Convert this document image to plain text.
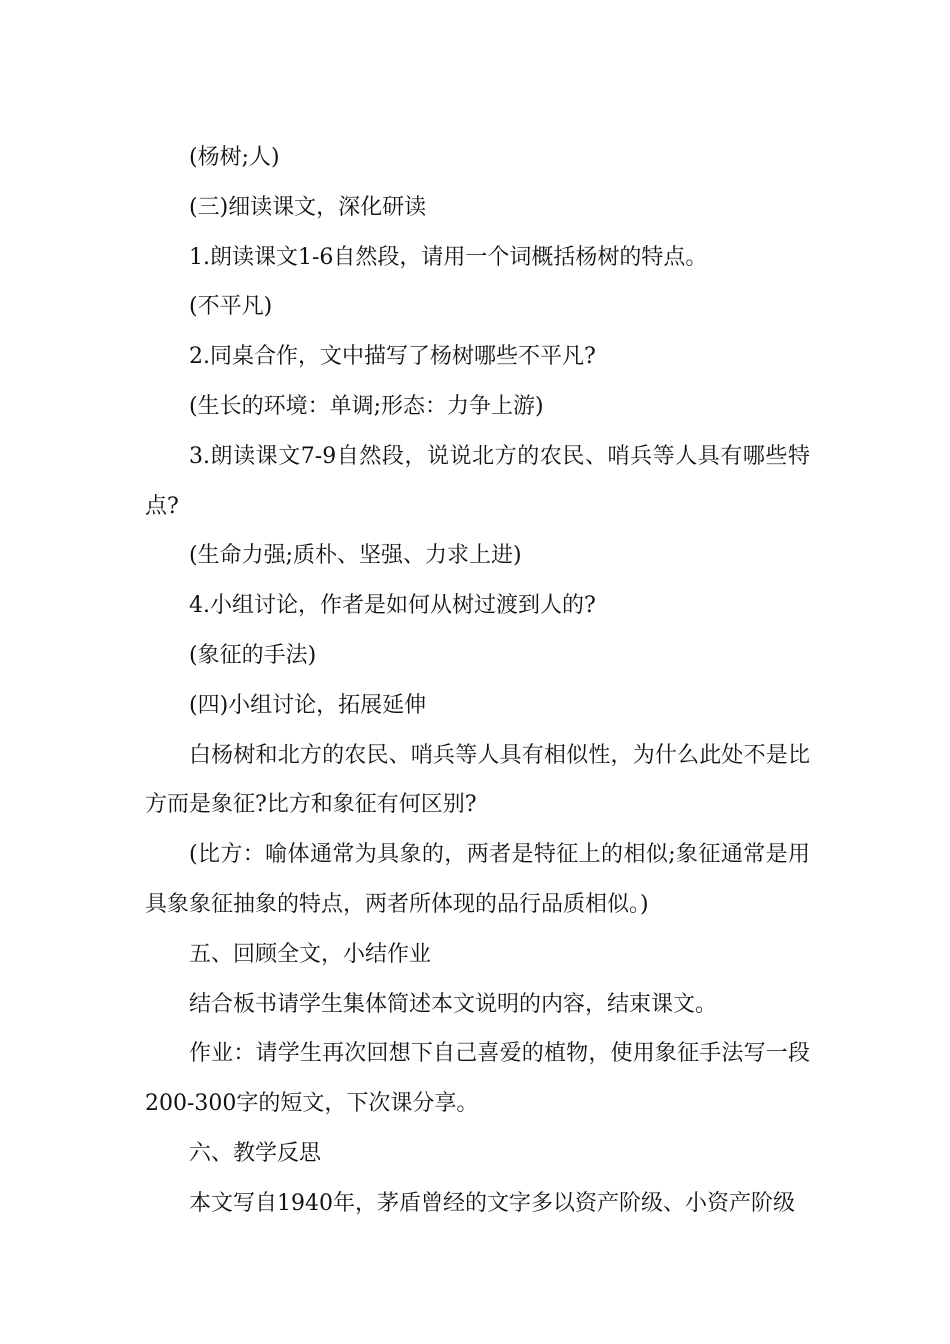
(杨树;人)

(三)细读课文，深化研读

1.朗读课文1-6自然段，请用一个词概括杨树的特点。

(不平凡)

2.同桌合作，文中描写了杨树哪些不平凡?

(生长的环境：单调;形态：力争上游)

3.朗读课文7-9自然段，说说北方的农民、哨兵等人具有哪些特点?

(生命力强;质朴、坚强、力求上进)

4.小组讨论，作者是如何从树过渡到人的?

(象征的手法)

(四)小组讨论，拓展延伸

白杨树和北方的农民、哨兵等人具有相似性，为什么此处不是比方而是象征?比方和象征有何区别?

(比方：喻体通常为具象的，两者是特征上的相似;象征通常是用具象象征抽象的特点，两者所体现的品行品质相似。)

五、回顾全文，小结作业

结合板书请学生集体简述本文说明的内容，结束课文。

作业：请学生再次回想下自己喜爱的植物，使用象征手法写一段200-300字的短文，下次课分享。

六、教学反思

本文写自1940年，茅盾曾经的文字多以资产阶级、小资产阶级
